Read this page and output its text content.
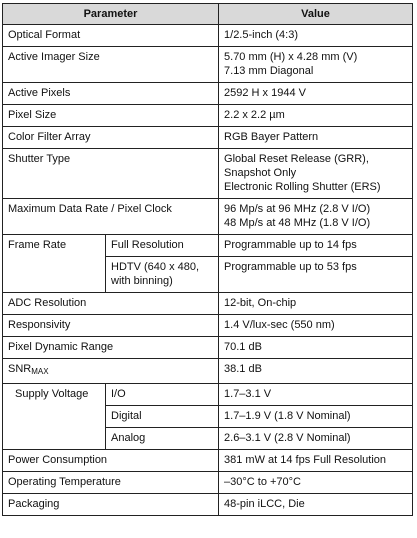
Parameter		Value
Optical Format		1/2.5-inch (4:3)
Active Imager Size		5.70 mm (H) x 4.28 mm (V)
7.13 mm Diagonal

Active Pixels		2592 H x 1944 V
Pixel Size		2.2 x 2.2 µm
Color Filter Array		RGB Bayer Pattern
Shutter Type		Global Reset Release (GRR),
Snapshot Only
Electronic Rolling Shutter (ERS)

Maximum Data Rate / Pixel Clock		96 Mp/s at 96 MHz (2.8 V I/O)
48 Mp/s at 48 MHz (1.8 V I/O)

Frame Rate	Full Resolution	Programmable up to 14 fps

	HDTV (640 x 480,
with binning)	Programmable up to 53 fps
ADC Resolution		12-bit, On-chip
Responsivity		1.4 V/lux-sec (550 nm)
Pixel Dynamic Range		70.1 dB
$SNR_{MAX}$		38.1 dB
Supply Voltage	I/O	1.7–3.1 V
	Digital	1.7–1.9 V (1.8 V Nominal)
	Analog	2.6–3.1 V (2.8 V Nominal)
Power Consumption		381 mW at 14 fps Full Resolution
Operating Temperature		–30°C to +70°C
Packaging		48-pin iLCC, Die
